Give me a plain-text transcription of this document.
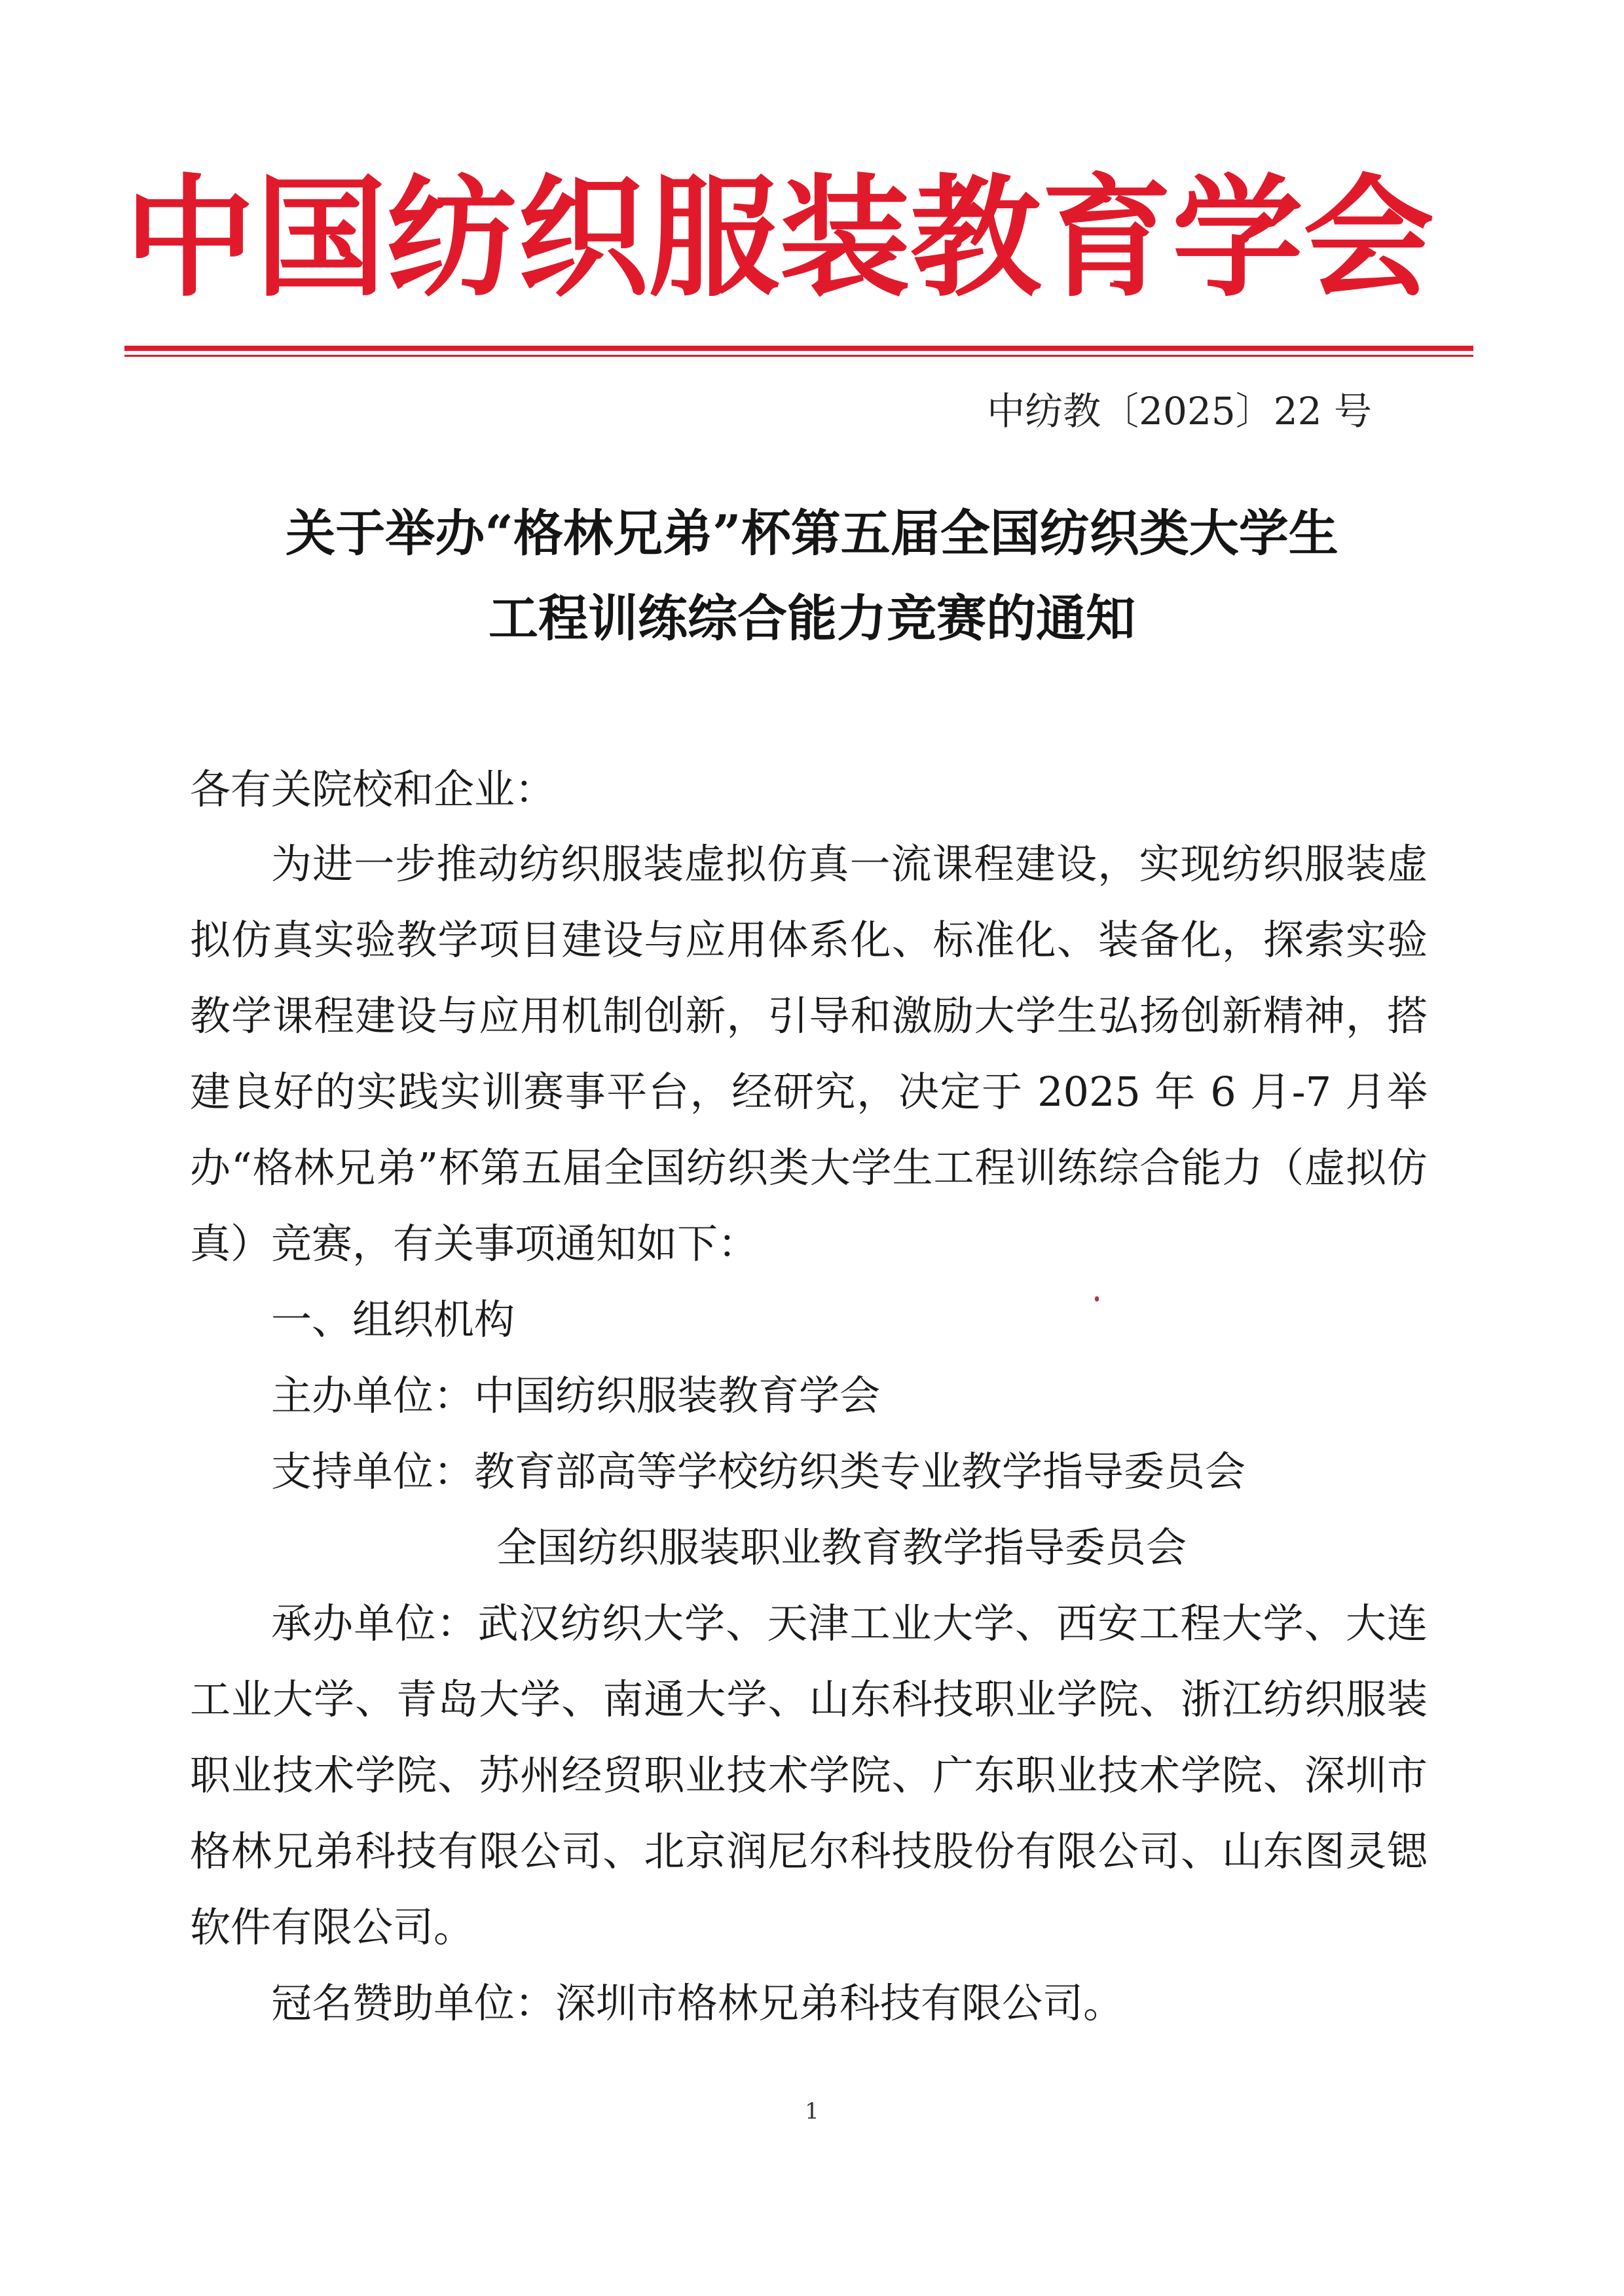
中 国 纺 织 服 装 教 育 学 会
中纺教〔2025〕22 号
关于举办“格林兄弟”杯第五届全国纺织类大学生
工程训练综合能力竞赛的通知
各有关院校和企业：
为进一步推动纺织服装虚拟仿真一流课程建设，实现纺织服装虚拟仿真实验教学项目建设与应用体系化、标准化、装备化，探索实验教学课程建设与应用机制创新，引导和激励大学生弘扬创新精神，搭建良好的实践实训赛事平台，经研究，决定于 2025 年 6 月-7 月举办“格林兄弟”杯第五届全国纺织类大学生工程训练综合能力（虚拟仿真）竞赛，有关事项通知如下：
一、组织机构
主办单位：中国纺织服装教育学会
支持单位：教育部高等学校纺织类专业教学指导委员会
全国纺织服装职业教育教学指导委员会
承办单位：武汉纺织大学、天津工业大学、西安工程大学、大连工业大学、青岛大学、南通大学、山东科技职业学院、浙江纺织服装职业技术学院、苏州经贸职业技术学院、广东职业技术学院、深圳市格林兄弟科技有限公司、北京润尼尔科技股份有限公司、山东图灵锶软件有限公司。
冠名赞助单位：深圳市格林兄弟科技有限公司。
1
